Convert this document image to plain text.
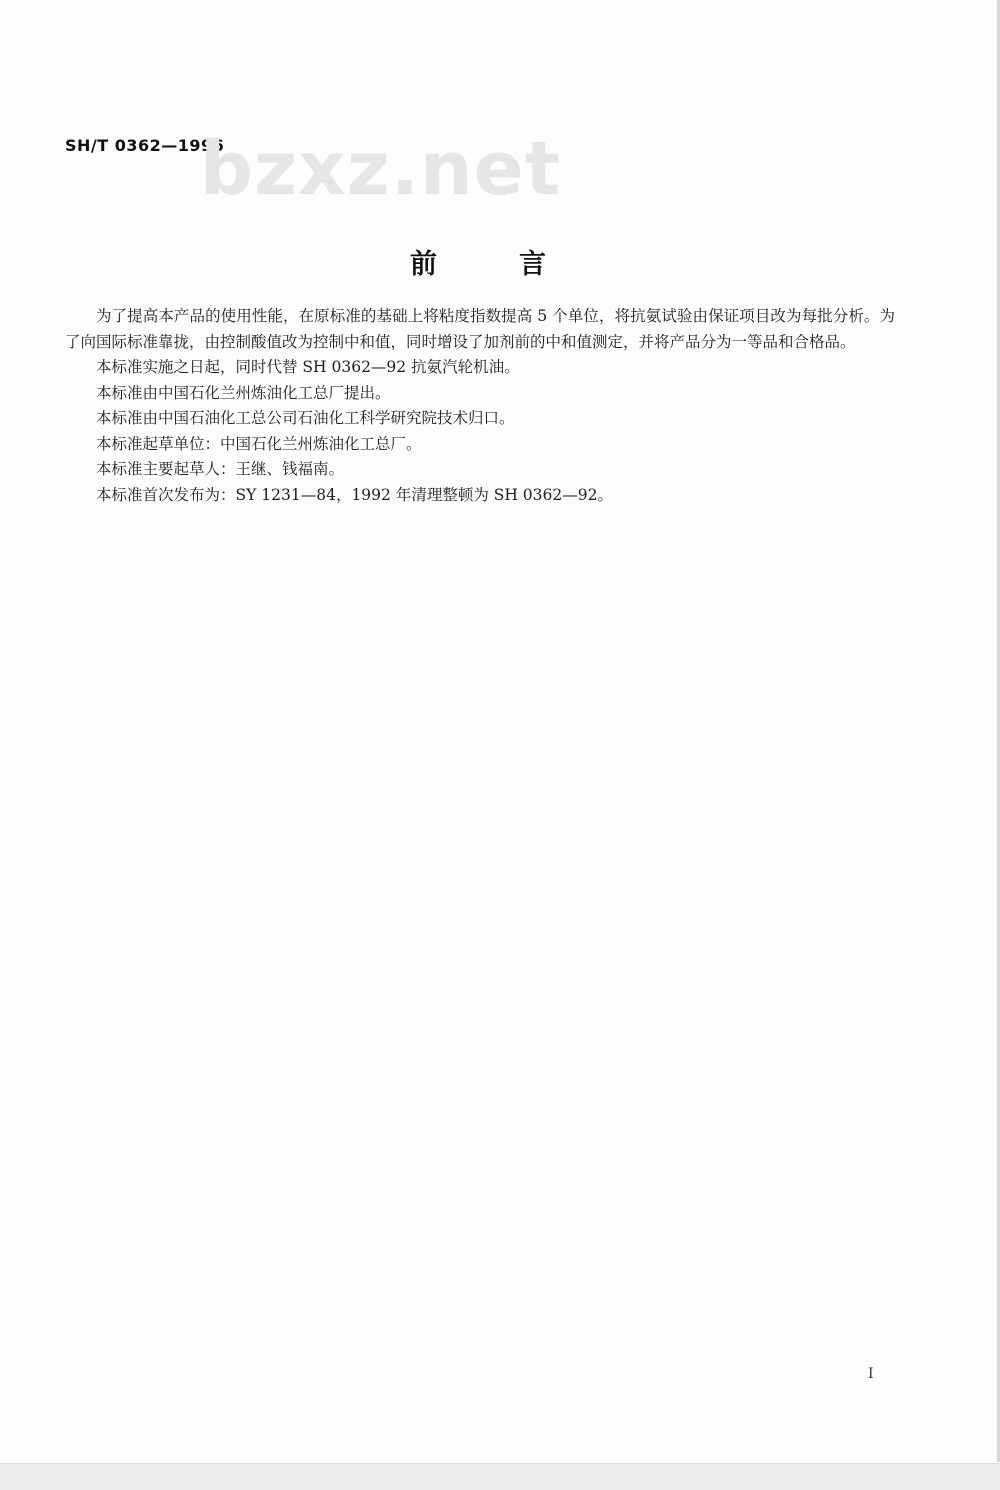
SH/T 0362—1996
bzxz.net
前言

为了提高本产品的使用性能，在原标准的基础上将粘度指数提高 5 个单位，将抗氨试验由保证项目改为每批分析。为了向国际标准靠拢，由控制酸值改为控制中和值，同时增设了加剂前的中和值测定，并将产品分为一等品和合格品。

本标准实施之日起，同时代替 SH 0362—92 抗氨汽轮机油。

本标准由中国石化兰州炼油化工总厂提出。

本标准由中国石油化工总公司石油化工科学研究院技术归口。

本标准起草单位：中国石化兰州炼油化工总厂。

本标准主要起草人：王继、钱福南。

本标准首次发布为：SY 1231—84，1992 年清理整顿为 SH 0362—92。

I
